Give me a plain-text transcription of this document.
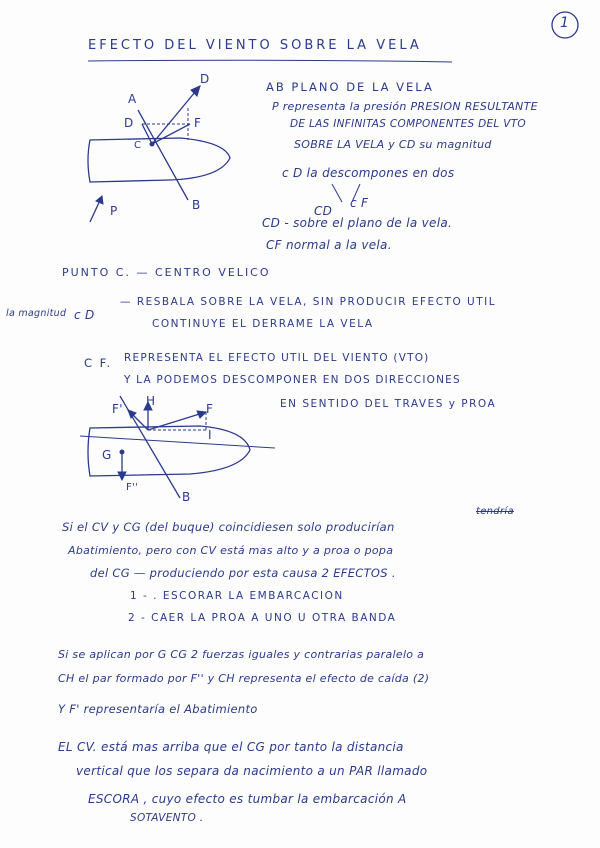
1
EFECTO DEL VIENTO SOBRE LA VELA
A
D
D	F
C
B
P
AB PLANO DE LA VELA
P representa la presión PRESION RESULTANTE
DE LAS INFINITAS COMPONENTES DEL VTO
SOBRE LA VELA y CD su magnitud
c D la descompones en dos
CD
c F
CD - sobre el plano de la vela.
CF normal a la vela.
PUNTO C. — CENTRO VELICO
la magnitud c D
— RESBALA SOBRE LA VELA, SIN PRODUCIR EFECTO UTIL
CONTINUYE EL DERRAME LA VELA
C F. REPRESENTA EL EFECTO UTIL DEL VIENTO (VTO)
Y LA PODEMOS DESCOMPONER EN DOS DIRECCIONES
EN SENTIDO DEL TRAVES y PROA
F'
H
F
I
G
F''
B
tendría
Si el CV y CG (del buque) coincidiesen solo producirían
Abatimiento, pero con CV está mas alto y a proa o popa
del CG — produciendo por esta causa 2 EFECTOS .
1 - . ESCORAR LA EMBARCACION
2 - CAER LA PROA A UNO U OTRA BANDA
Si se aplican por G CG 2 fuerzas iguales y contrarias paralelo a
CH el par formado por F'' y CH representa el efecto de caída (2)
Y F' representaría el Abatimiento
EL CV. está mas arriba que el CG por tanto la distancia
vertical que los separa da nacimiento a un PAR llamado
ESCORA , cuyo efecto es tumbar la embarcación A
SOTAVENTO .
